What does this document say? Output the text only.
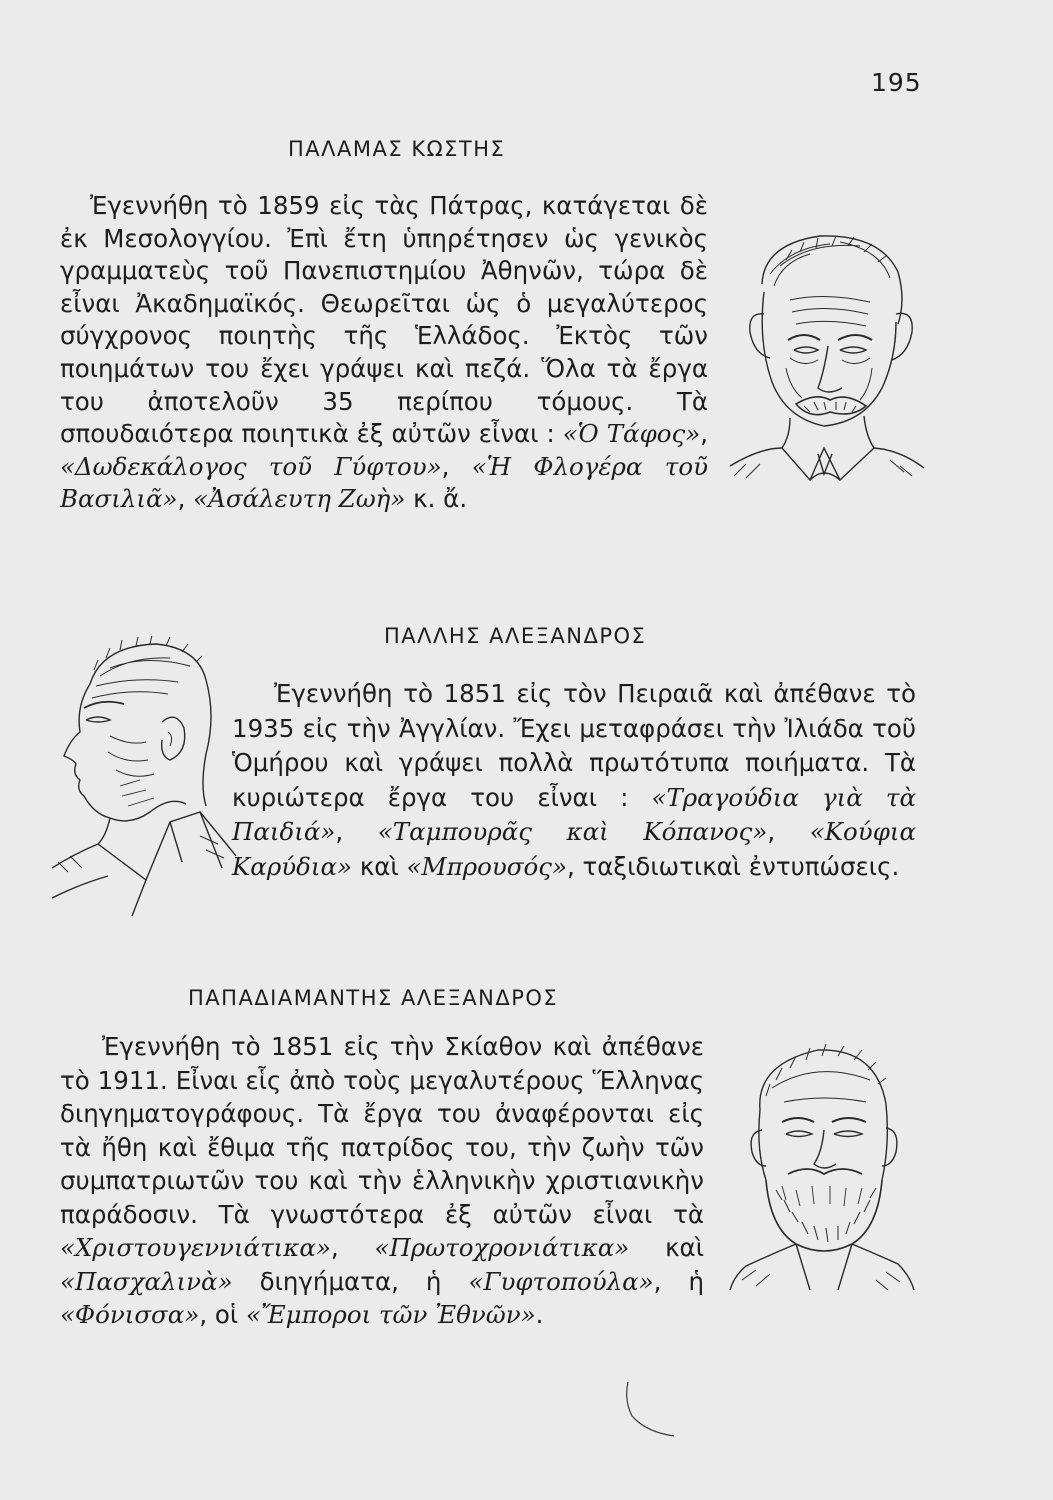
195
ΠΑΛΑΜΑΣ ΚΩΣΤΗΣ

Ἐγεννήθη τὸ 1859 εἰς τὰς Πάτρας, κατάγεται δὲ ἐκ Μεσολογγίου. Ἐπὶ ἔτη ὑπηρέτησεν ὡς γενικὸς γραμματεὺς τοῦ Πανεπιστημίου Ἀθηνῶν, τώρα δὲ εἶναι Ἀκαδημαϊκός. Θεωρεῖται ὡς ὁ μεγαλύτερος σύγχρονος ποιητὴς τῆς Ἑλλάδος. Ἐκτὸς τῶν ποιημάτων του ἔχει γράψει καὶ πεζά. Ὅλα τὰ ἔργα του ἀποτελοῦν 35 περίπου τόμους. Τὰ σπουδαιότερα ποιητικὰ ἐξ αὐτῶν εἶναι : «Ὁ Τάφος», «Δωδεκάλογος τοῦ Γύφτου», «Ἡ Φλογέρα τοῦ Βασιλιᾶ», «Ἀσάλευτη Ζωὴ» κ. ἄ.

ΠΑΛΛΗΣ ΑΛΕΞΑΝΔΡΟΣ

Ἐγεννήθη τὸ 1851 εἰς τὸν Πειραιᾶ καὶ ἀπέθανε τὸ 1935 εἰς τὴν Ἀγγλίαν. Ἔχει μεταφράσει τὴν Ἰλιάδα τοῦ Ὁμήρου καὶ γράψει πολλὰ πρωτότυπα ποιήματα. Τὰ κυριώτερα ἔργα του εἶναι : «Τραγούδια γιὰ τὰ Παιδιά», «Ταμπουρᾶς καὶ Κόπανος», «Κούφια Καρύδια» καὶ «Μπρουσός», ταξιδιωτικαὶ ἐντυπώσεις.

ΠΑΠΑΔΙΑΜΑΝΤΗΣ ΑΛΕΞΑΝΔΡΟΣ

Ἐγεννήθη τὸ 1851 εἰς τὴν Σκίαθον καὶ ἀπέθανε τὸ 1911. Εἶναι εἷς ἀπὸ τοὺς μεγαλυτέρους Ἕλληνας διηγηματογράφους. Τὰ ἔργα του ἀναφέρονται εἰς τὰ ἤθη καὶ ἔθιμα τῆς πατρίδος του, τὴν ζωὴν τῶν συμπατριωτῶν του καὶ τὴν ἑλληνικὴν χριστιανικὴν παράδοσιν. Τὰ γνωστότερα ἐξ αὐτῶν εἶναι τὰ «Χριστουγεννιάτικα», «Πρωτοχρονιάτικα» καὶ «Πασχαλινὰ» διηγήματα, ἡ «Γυφτοπούλα», ἡ «Φόνισσα», οἱ «Ἔμποροι τῶν Ἐθνῶν».
